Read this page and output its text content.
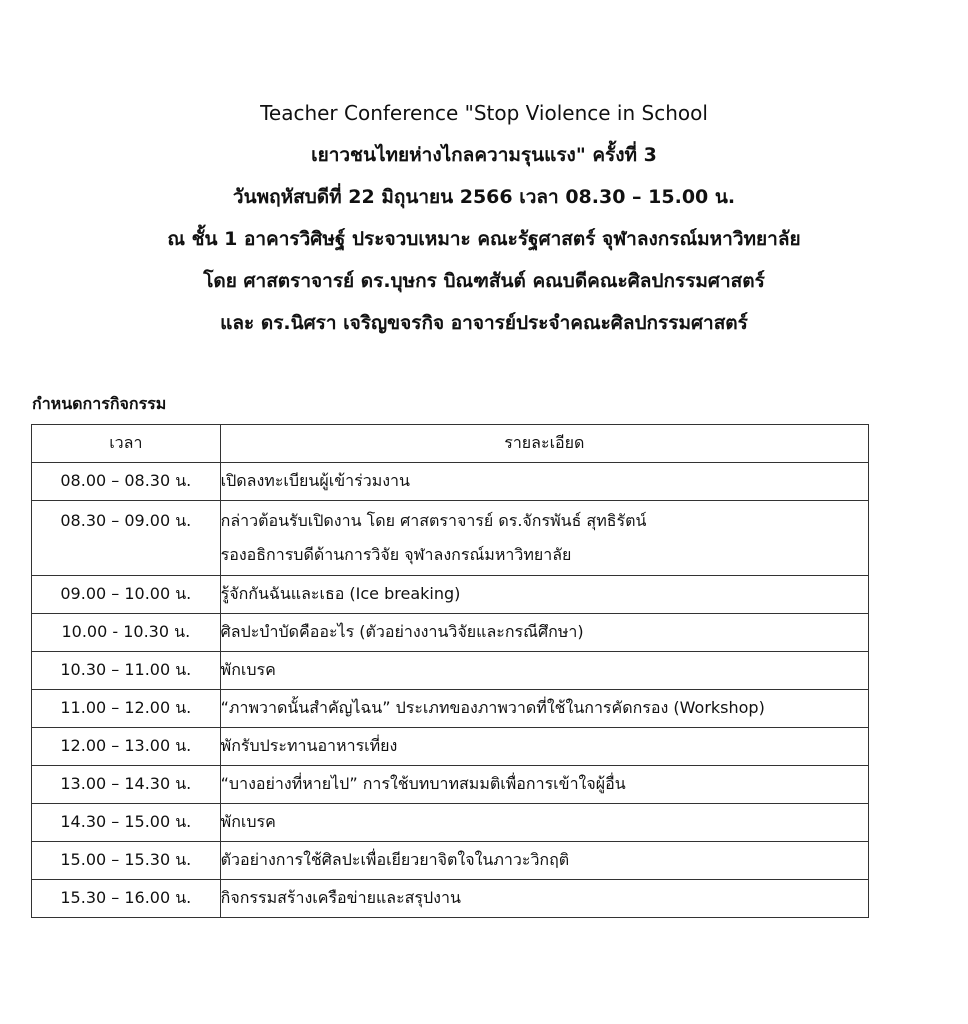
Teacher Conference "Stop Violence in School
เยาวชนไทยห่างไกลความรุนแรง" ครั้งที่ 3
วันพฤหัสบดีที่ 22 มิถุนายน 2566 เวลา 08.30 – 15.00 น.
ณ ชั้น 1 อาคารวิศิษฐ์ ประจวบเหมาะ คณะรัฐศาสตร์ จุฬาลงกรณ์มหาวิทยาลัย
โดย ศาสตราจารย์ ดร.บุษกร บิณฑสันต์ คณบดีคณะศิลปกรรมศาสตร์
และ ดร.นิศรา เจริญขจรกิจ อาจารย์ประจำคณะศิลปกรรมศาสตร์
กำหนดการกิจกรรม
เวลา	รายละเอียด
08.00 – 08.30 น.	เปิดลงทะเบียนผู้เข้าร่วมงาน
08.30 – 09.00 น.	กล่าวต้อนรับเปิดงาน โดย ศาสตราจารย์ ดร.จักรพันธ์ สุทธิรัตน์
รองอธิการบดีด้านการวิจัย จุฬาลงกรณ์มหาวิทยาลัย

09.00 – 10.00 น.	รู้จักกันฉันและเธอ (Ice breaking)
10.00 - 10.30 น.	ศิลปะบำบัดคืออะไร (ตัวอย่างงานวิจัยและกรณีศึกษา)
10.30 – 11.00 น.	พักเบรค
11.00 – 12.00 น.	“ภาพวาดนั้นสำคัญไฉน” ประเภทของภาพวาดที่ใช้ในการคัดกรอง (Workshop)
12.00 – 13.00 น.	พักรับประทานอาหารเที่ยง
13.00 – 14.30 น.	“บางอย่างที่หายไป” การใช้บทบาทสมมติเพื่อการเข้าใจผู้อื่น
14.30 – 15.00 น.	พักเบรค
15.00 – 15.30 น.	ตัวอย่างการใช้ศิลปะเพื่อเยียวยาจิตใจในภาวะวิกฤติ
15.30 – 16.00 น.	กิจกรรมสร้างเครือข่ายและสรุปงาน
